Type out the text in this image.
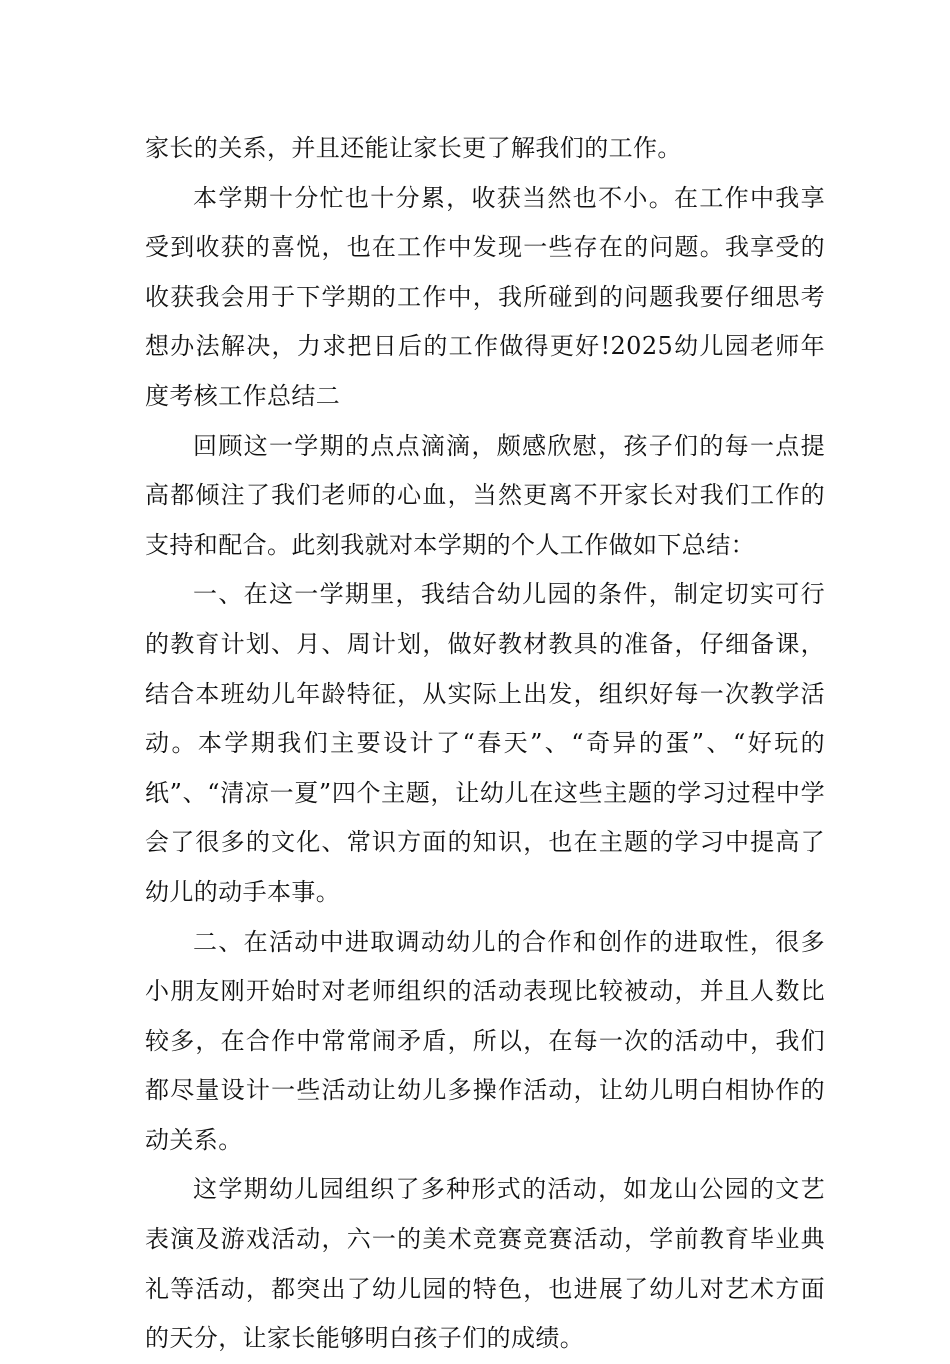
家长的关系，并且还能让家长更了解我们的工作。

本学期十分忙也十分累，收获当然也不小。在工作中我享受到收获的喜悦，也在工作中发现一些存在的问题。我享受的收获我会用于下学期的工作中，我所碰到的问题我要仔细思考想办法解决，力求把日后的工作做得更好!2025幼儿园老师年度考核工作总结二

回顾这一学期的点点滴滴，颇感欣慰，孩子们的每一点提高都倾注了我们老师的心血，当然更离不开家长对我们工作的支持和配合。此刻我就对本学期的个人工作做如下总结：

一、在这一学期里，我结合幼儿园的条件，制定切实可行的教育计划、月、周计划，做好教材教具的准备，仔细备课，结合本班幼儿年龄特征，从实际上出发，组织好每一次教学活动。本学期我们主要设计了“春天”、“奇异的蛋”、“好玩的纸”、“清凉一夏”四个主题，让幼儿在这些主题的学习过程中学会了很多的文化、常识方面的知识，也在主题的学习中提高了幼儿的动手本事。

二、在活动中进取调动幼儿的合作和创作的进取性，很多小朋友刚开始时对老师组织的活动表现比较被动，并且人数比较多，在合作中常常闹矛盾，所以，在每一次的活动中，我们都尽量设计一些活动让幼儿多操作活动，让幼儿明白相协作的动关系。

这学期幼儿园组织了多种形式的活动，如龙山公园的文艺表演及游戏活动，六一的美术竞赛竞赛活动，学前教育毕业典礼等活动，都突出了幼儿园的特色，也进展了幼儿对艺术方面的天分，让家长能够明白孩子们的成绩。
